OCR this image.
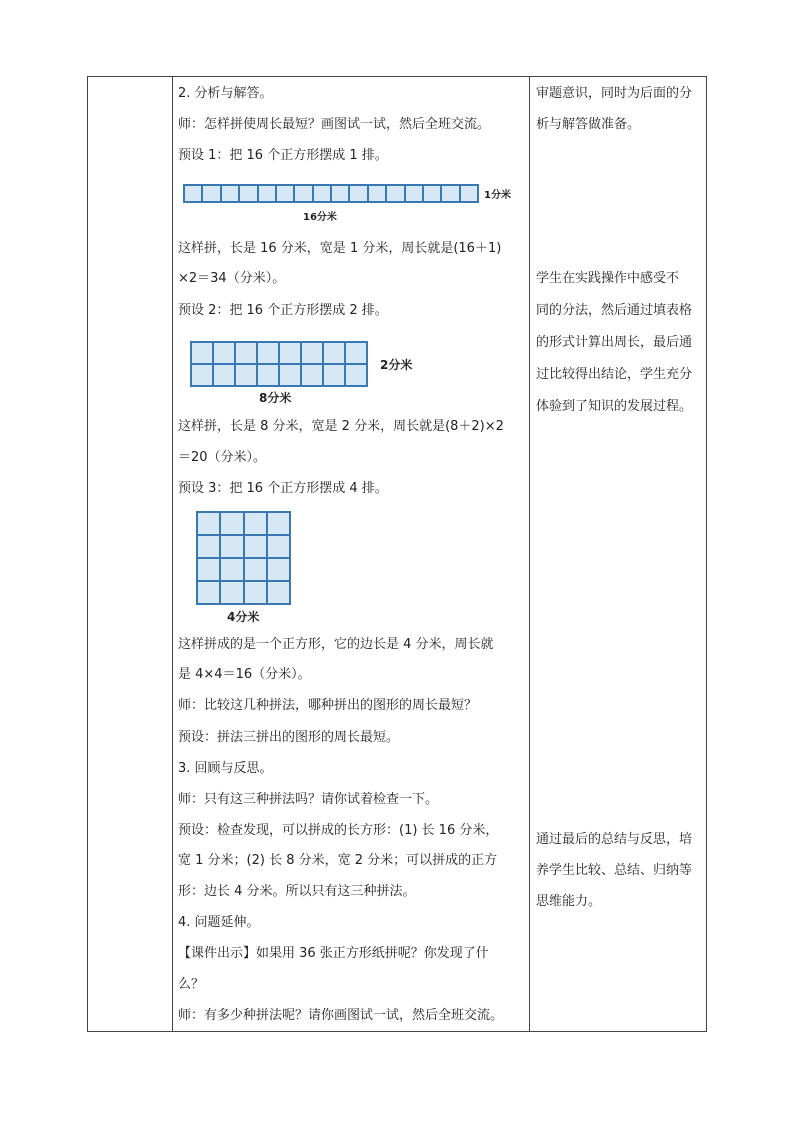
2. 分析与解答。
师：怎样拼使周长最短？画图试一试，然后全班交流。
预设 1：把 16 个正方形摆成 1 排。
1分米
16分米
这样拼，长是 16 分米，宽是 1 分米，周长就是(16＋1)
×2＝34（分米）。
预设 2：把 16 个正方形摆成 2 排。
2分米
8分米
这样拼，长是 8 分米，宽是 2 分米，周长就是(8＋2)×2
＝20（分米）。
预设 3：把 16 个正方形摆成 4 排。
4分米
这样拼成的是一个正方形，它的边长是 4 分米，周长就
是 4×4＝16（分米）。
师：比较这几种拼法，哪种拼出的图形的周长最短？
预设：拼法三拼出的图形的周长最短。
3. 回顾与反思。
师：只有这三种拼法吗？请你试着检查一下。
预设：检查发现，可以拼成的长方形：(1) 长 16 分米，
宽 1 分米；(2) 长 8 分米，宽 2 分米；可以拼成的正方
形：边长 4 分米。所以只有这三种拼法。
4. 问题延伸。
【课件出示】如果用 36 张正方形纸拼呢？你发现了什
么？
师：有多少种拼法呢？请你画图试一试，然后全班交流。
审题意识，同时为后面的分
析与解答做准备。
学生在实践操作中感受不
同的分法，然后通过填表格
的形式计算出周长，最后通
过比较得出结论，学生充分
体验到了知识的发展过程。
通过最后的总结与反思，培
养学生比较、总结、归纳等
思维能力。
